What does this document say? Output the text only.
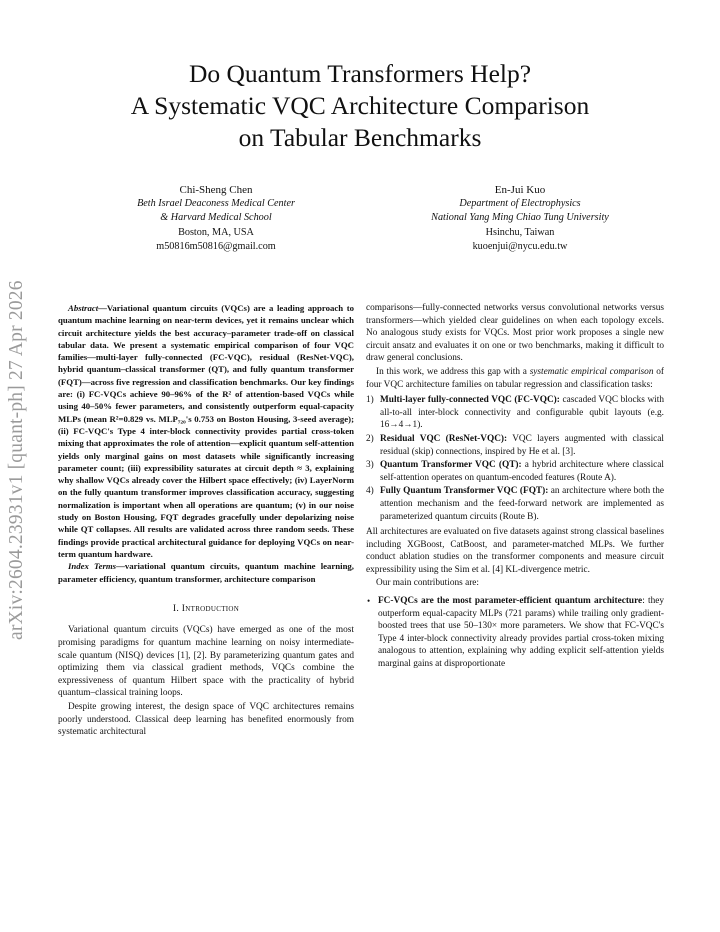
arXiv:2604.23931v1 [quant-ph] 27 Apr 2026
Do Quantum Transformers Help?
A Systematic VQC Architecture Comparison
on Tabular Benchmarks
Chi-Sheng Chen
Beth Israel Deaconess Medical Center
& Harvard Medical School
Boston, MA, USA
m50816m50816@gmail.com
En-Jui Kuo
Department of Electrophysics
National Yang Ming Chiao Tung University
Hsinchu, Taiwan
kuoenjui@nycu.edu.tw

Abstract—Variational quantum circuits (VQCs) are a leading approach to quantum machine learning on near-term devices, yet it remains unclear which circuit architecture yields the best accuracy–parameter trade-off on classical tabular data. We present a systematic empirical comparison of four VQC families—multi-layer fully-connected (FC-VQC), residual (ResNet-VQC), hybrid quantum–classical transformer (QT), and fully quantum transformer (FQT)—across five regression and classification benchmarks. Our key findings are: (i) FC-VQCs achieve 90–96% of the R² of attention-based VQCs while using 40–50% fewer parameters, and consistently outperform equal-capacity MLPs (mean R²=0.829 vs. MLP₇₂₀'s 0.753 on Boston Housing, 3-seed average); (ii) FC-VQC's Type 4 inter-block connectivity provides partial cross-token mixing that approximates the role of attention—explicit quantum self-attention yields only marginal gains on most datasets while significantly increasing parameter count; (iii) expressibility saturates at circuit depth ≈ 3, explaining why shallow VQCs already cover the Hilbert space effectively; (iv) LayerNorm on the fully quantum transformer improves classification accuracy, suggesting normalization is important when all operations are quantum; (v) in our noise study on Boston Housing, FQT degrades gracefully under depolarizing noise while QT collapses. All results are validated across three random seeds. These findings provide practical architectural guidance for deploying VQCs on near-term quantum hardware.

Index Terms—variational quantum circuits, quantum machine learning, parameter efficiency, quantum transformer, architecture comparison

I. Introduction

Variational quantum circuits (VQCs) have emerged as one of the most promising paradigms for quantum machine learning on noisy intermediate-scale quantum (NISQ) devices [1], [2]. By parameterizing quantum gates and optimizing them via classical gradient methods, VQCs combine the expressiveness of quantum Hilbert space with the practicality of hybrid quantum–classical training loops.

Despite growing interest, the design space of VQC architectures remains poorly understood. Classical deep learning has benefited enormously from systematic architectural

comparisons—fully-connected networks versus convolutional networks versus transformers—which yielded clear guidelines on when each topology excels. No analogous study exists for VQCs. Most prior work proposes a single new circuit ansatz and evaluates it on one or two benchmarks, making it difficult to draw general conclusions.

In this work, we address this gap with a systematic empirical comparison of four VQC architecture families on tabular regression and classification tasks:

1) Multi-layer fully-connected VQC (FC-VQC): cascaded VQC blocks with all-to-all inter-block connectivity and configurable qubit layouts (e.g. 16→4→1).
2) Residual VQC (ResNet-VQC): VQC layers augmented with classical residual (skip) connections, inspired by He et al. [3].
3) Quantum Transformer VQC (QT): a hybrid architecture where classical self-attention operates on quantum-encoded features (Route A).
4) Fully Quantum Transformer VQC (FQT): an architecture where both the attention mechanism and the feed-forward network are implemented as parameterized quantum circuits (Route B).

All architectures are evaluated on five datasets against strong classical baselines including XGBoost, CatBoost, and parameter-matched MLPs. We further conduct ablation studies on the transformer components and measure circuit expressibility using the Sim et al. [4] KL-divergence metric.

Our main contributions are:

• FC-VQCs are the most parameter-efficient quantum architecture: they outperform equal-capacity MLPs (721 params) while trailing only gradient-boosted trees that use 50–130× more parameters. We show that FC-VQC's Type 4 inter-block connectivity already provides partial cross-token mixing analogous to attention, explaining why adding explicit self-attention yields marginal gains at disproportionate
